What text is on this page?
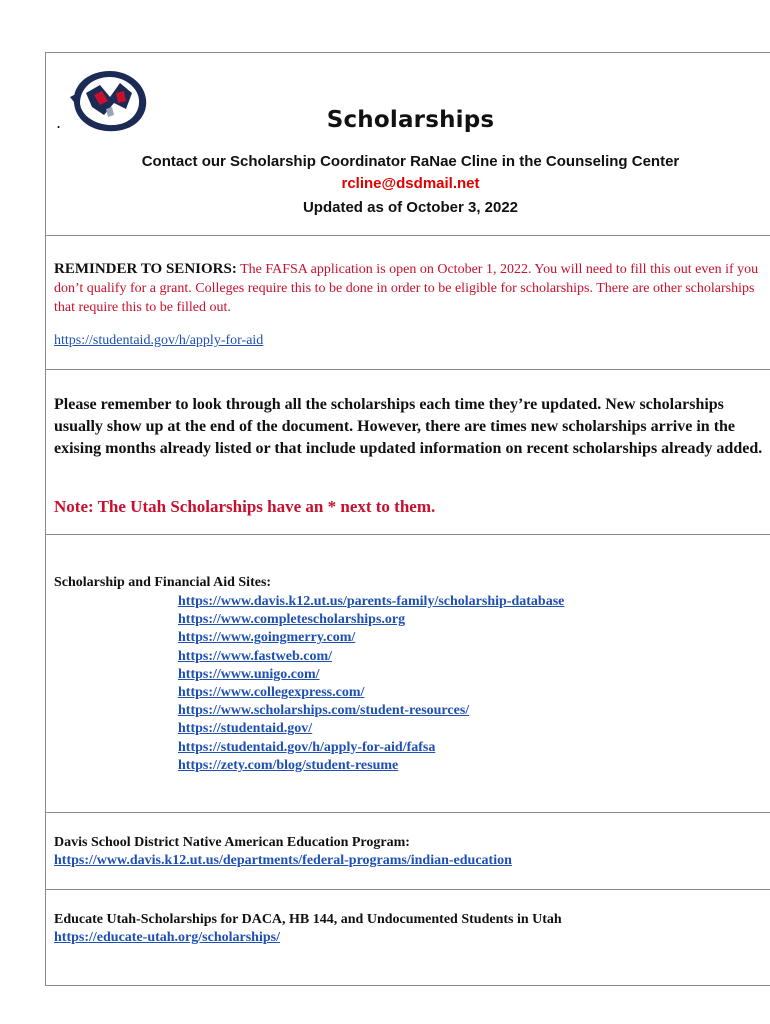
.	Scholarships
Contact our Scholarship Coordinator RaNae Cline in the Counseling Center
rcline@dsdmail.net
Updated as of October 3, 2022
REMINDER TO SENIORS: The FAFSA application is open on October 1, 2022. You will need to fill this out even if you don’t qualify for a grant. Colleges require this to be done in order to be eligible for scholarships. There are other scholarships that require this to be filled out.
https://studentaid.gov/h/apply-for-aid
Please remember to look through all the scholarships each time they’re updated. New scholarships usually show up at the end of the document. However, there are times new scholarships arrive in the exising months already listed or that include updated information on recent scholarships already added.
Note: The Utah Scholarships have an * next to them.
Scholarship and Financial Aid Sites:
https://www.davis.k12.ut.us/parents-family/scholarship-database
https://www.completescholarships.org
https://www.goingmerry.com/
https://www.fastweb.com/
https://www.unigo.com/
https://www.collegexpress.com/
https://www.scholarships.com/student-resources/
https://studentaid.gov/
https://studentaid.gov/h/apply-for-aid/fafsa
https://zety.com/blog/student-resume
Davis School District Native American Education Program:
https://www.davis.k12.ut.us/departments/federal-programs/indian-education
Educate Utah-Scholarships for DACA, HB 144, and Undocumented Students in Utah
https://educate-utah.org/scholarships/
